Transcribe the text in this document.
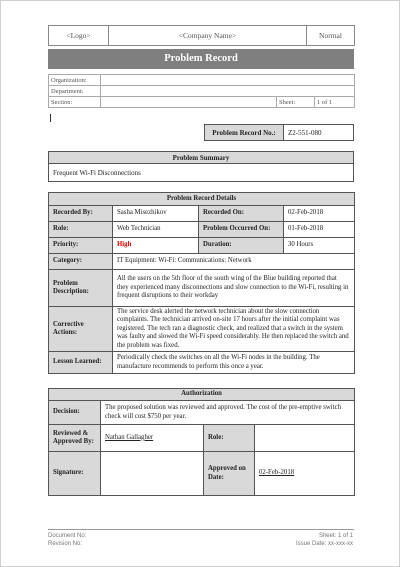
<Logo>	<Company Name>	Normal
Problem Record
Organization:			
Department:			
Section:		Sheet:	1 of 1
Problem Record No.:	Z2-551-080
Problem Summary
Frequent Wi-Fi Disconnections
Problem Record Details			
Recorded By:	Sasha Misezhikov	Recorded On:	02-Feb-2018
Role:	Web Technician	Problem Occurred On:	01-Feb-2018
Priority:	High	Duration:	30 Hours
Category:	IT Equipment: Wi-Fi: Communications: Network		
Problem Description:	All the users on the 5th floor of the south wing of the Blue building reported that they experienced many disconnections and slow connection to the Wi-Fi, resulting in frequent disruptions to their workday		
Corrective Actions:	The service desk alerted the network technician about the slow connection complaints. The technician arrived on-site 17 hours after the initial complaint was registered. The tech ran a diagnostic check, and realized that a switch in the system was faulty and slowed the Wi-Fi speed considerably. He then replaced the switch and the problem was fixed.		
Lesson Learned:	Periodically check the switches on all the Wi-Fi nodes in the building. The manufacture recommends to perform this once a year.		
Authorization			
Decision:	The proposed solution was reviewed and approved. The cost of the pre-emptive switch check will cost $750 per year.		
Reviewed & Approved By:	Nathan Gallagher	Role:	
Signature:		Approved on Date:	02-Feb-2018
Document No:
Revision No:
Sheet: 1 of 1
Issue Date: xx-xxx-xx
